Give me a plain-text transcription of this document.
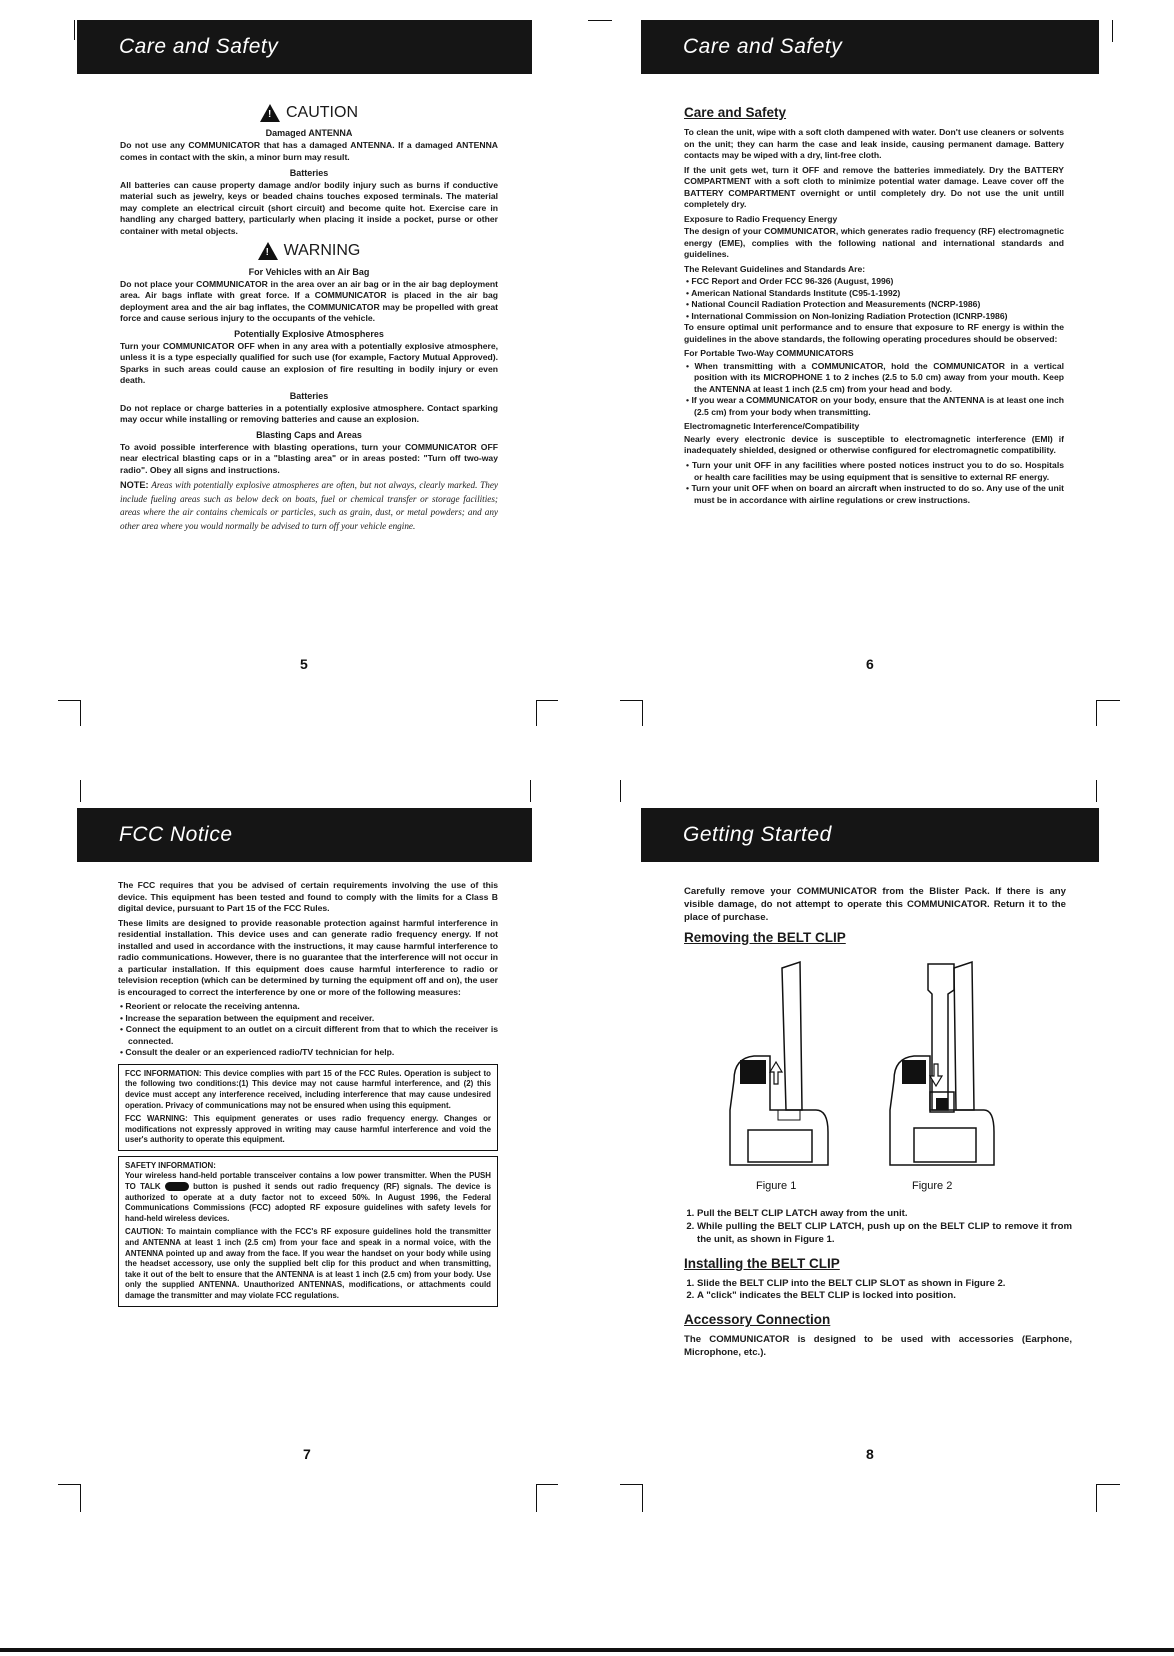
Care and Safety
!
CAUTION
Damaged ANTENNA

Do not use any COMMUNICATOR that has a damaged ANTENNA. If a damaged ANTENNA comes in contact with the skin, a minor burn may result.

Batteries

All batteries can cause property damage and/or bodily injury such as burns if conductive material such as jewelry, keys or beaded chains touches exposed terminals. The material may complete an electrical circuit (short circuit) and become quite hot. Exercise care in handling any charged battery, particularly when placing it inside a pocket, purse or other container with metal objects.

!
WARNING
For Vehicles with an Air Bag

Do not place your COMMUNICATOR in the area over an air bag or in the air bag deployment area. Air bags inflate with great force. If a COMMUNICATOR is placed in the air bag deployment area and the air bag inflates, the COMMUNICATOR may be propelled with great force and cause serious injury to the occupants of the vehicle.

Potentially Explosive Atmospheres

Turn your COMMUNICATOR OFF when in any area with a potentially explosive atmosphere, unless it is a type especially qualified for such use (for example, Factory Mutual Approved). Sparks in such areas could cause an explosion of fire resulting in bodily injury or even death.

Batteries

Do not replace or charge batteries in a potentially explosive atmosphere. Contact sparking may occur while installing or removing batteries and cause an explosion.

Blasting Caps and Areas

To avoid possible interference with blasting operations, turn your COMMUNICATOR OFF near electrical blasting caps or in a "blasting area" or in areas posted: "Turn off two-way radio". Obey all signs and instructions.

NOTE: Areas with potentially explosive atmospheres are often, but not always, clearly marked. They include fueling areas such as below deck on boats, fuel or chemical transfer or storage facilities; areas where the air contains chemicals or particles, such as grain, dust, or metal powders; and any other area where you would normally be advised to turn off your vehicle engine.

5
Care and Safety
Care and Safety

To clean the unit, wipe with a soft cloth dampened with water. Don't use cleaners or solvents on the unit; they can harm the case and leak inside, causing permanent damage. Battery contacts may be wiped with a dry, lint-free cloth.

If the unit gets wet, turn it OFF and remove the batteries immediately. Dry the BATTERY COMPARTMENT with a soft cloth to minimize potential water damage. Leave cover off the BATTERY COMPARTMENT overnight or until completely dry. Do not use the unit untill completely dry.

Exposure to Radio Frequency Energy

The design of your COMMUNICATOR, which generates radio frequency (RF) electromagnetic energy (EME), complies with the following national and international standards and guidelines.

The Relevant Guidelines and Standards Are:
• FCC Report and Order FCC 96-326 (August, 1996)
• American National Standards Institute (C95-1-1992)
• National Council Radiation Protection and Measurements (NCRP-1986)
• International Commission on Non-Ionizing Radiation Protection (ICNRP-1986)

To ensure optimal unit performance and to ensure that exposure to RF energy is within the guidelines in the above standards, the following operating procedures should be observed:

For Portable Two-Way COMMUNICATORS
• When transmitting with a COMMUNICATOR, hold the COMMUNICATOR in a vertical position with its MICROPHONE 1 to 2 inches (2.5 to 5.0 cm) away from your mouth. Keep the ANTENNA at least 1 inch (2.5 cm) from your head and body.
• If you wear a COMMUNICATOR on your body, ensure that the ANTENNA is at least one inch (2.5 cm) from your body when transmitting.
Electromagnetic Interference/Compatibility

Nearly every electronic device is susceptible to electromagnetic interference (EMI) if inadequately shielded, designed or otherwise configured for electromagnetic compatibility.

• Turn your unit OFF in any facilities where posted notices instruct you to do so. Hospitals or health care facilities may be using equipment that is sensitive to external RF energy.
• Turn your unit OFF when on board an aircraft when instructed to do so. Any use of the unit must be in accordance with airline regulations or crew instructions.
6
FCC Notice

The FCC requires that you be advised of certain requirements involving the use of this device. This equipment has been tested and found to comply with the limits for a Class B digital device, pursuant to Part 15 of the FCC Rules.

These limits are designed to provide reasonable protection against harmful interference in residential installation. This device uses and can generate radio frequency energy. If not installed and used in accordance with the instructions, it may cause harmful interference to radio communications. However, there is no guarantee that the interference will not occur in a particular installation. If this equipment does cause harmful interference to radio or television reception (which can be determined by turning the equipment off and on), the user is encouraged to correct the interference by one or more of the following measures:

• Reorient or relocate the receiving antenna.
• Increase the separation between the equipment and receiver.
• Connect the equipment to an outlet on a circuit different from that to which the receiver is connected.
• Consult the dealer or an experienced radio/TV technician for help.

FCC INFORMATION: This device complies with part 15 of the FCC Rules. Operation is subject to the following two conditions:(1) This device may not cause harmful interference, and (2) this device must accept any interference received, including interference that may cause undesired operation. Privacy of communications may not be ensured when using this equipment.

FCC WARNING: This equipment generates or uses radio frequency energy. Changes or modifications not expressly approved in writing may cause harmful interference and void the user's authority to operate this equipment.

SAFETY INFORMATION:

Your wireless hand-held portable transceiver contains a low power transmitter. When the PUSH TO TALK	button is pushed it sends out radio frequency (RF) signals. The device is authorized to operate at a duty factor not to exceed 50%. In August 1996, the Federal Communications Commissions (FCC) adopted RF exposure guidelines with safety levels for hand-held wireless devices.

CAUTION: To maintain compliance with the FCC's RF exposure guidelines hold the transmitter and ANTENNA at least 1 inch (2.5 cm) from your face and speak in a normal voice, with the ANTENNA pointed up and away from the face. If you wear the handset on your body while using the headset accessory, use only the supplied belt clip for this product and when transmitting, take it out of the belt to ensure that the ANTENNA is at least 1 inch (2.5 cm) from your body. Use only the supplied ANTENNA. Unauthorized ANTENNAS, modifications, or attachments could damage the transmitter and may violate FCC regulations.

7
Getting Started

Carefully remove your COMMUNICATOR from the Blister Pack. If there is any visible damage, do not attempt to operate this COMMUNICATOR. Return it to the place of purchase.

Removing the BELT CLIP
Figure 1	Figure 2
1. Pull the BELT CLIP LATCH away from the unit.
2. While pulling the BELT CLIP LATCH, push up on the BELT CLIP to remove it from the unit, as shown in Figure 1.
Installing the BELT CLIP
1. Slide the BELT CLIP into the BELT CLIP SLOT as shown in Figure 2.
2. A "click" indicates the BELT CLIP is locked into position.
Accessory Connection

The COMMUNICATOR is designed to be used with accessories (Earphone, Microphone, etc.).

8
